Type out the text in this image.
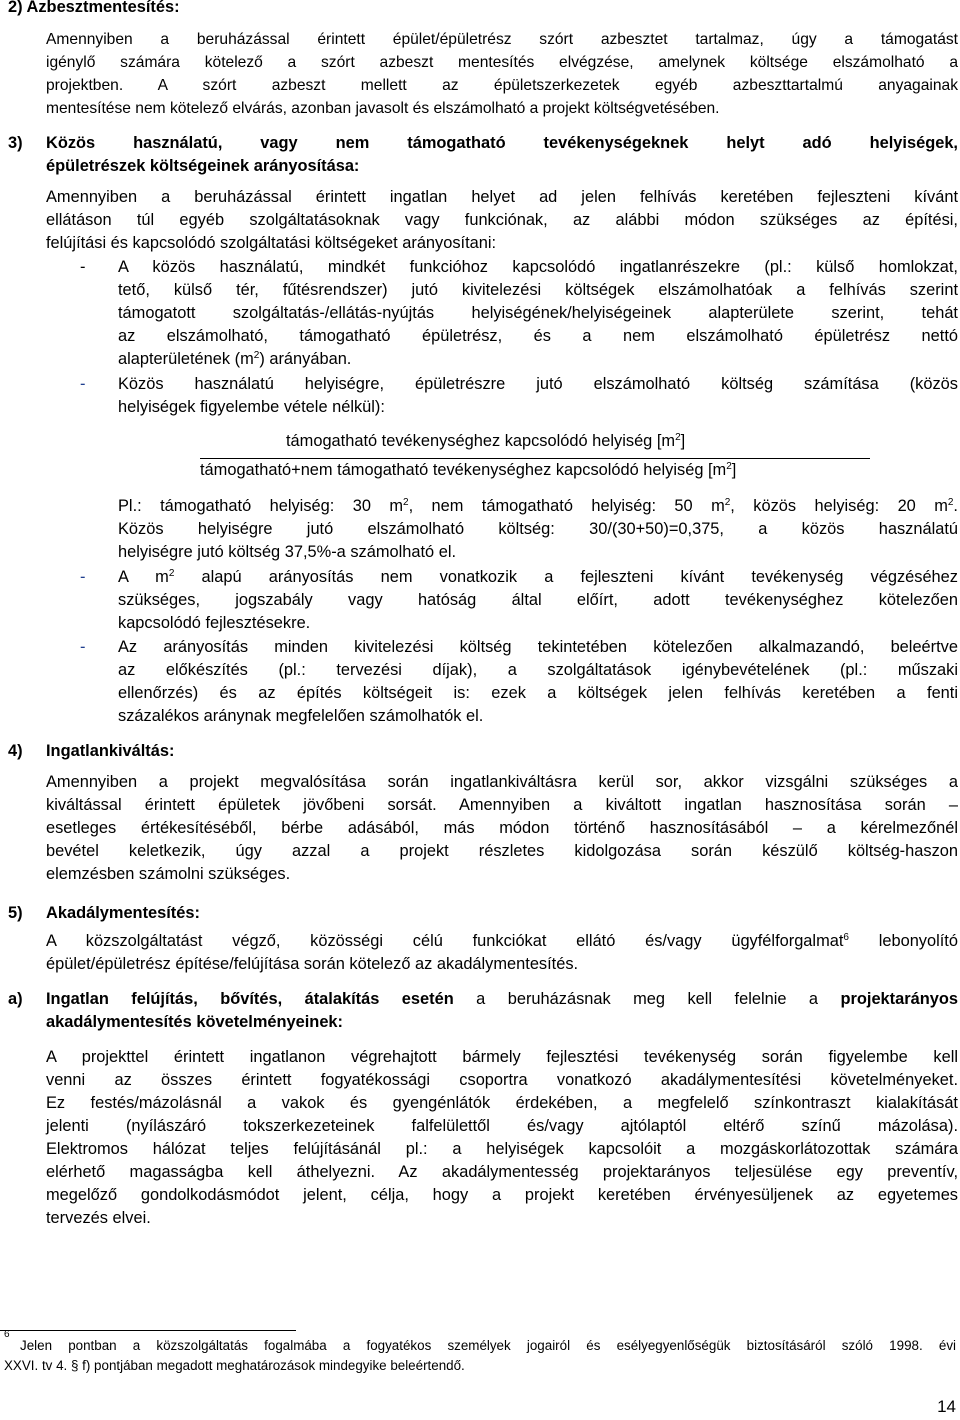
2) Azbesztmentesítés:
Amennyiben a beruházással érintett épület/épületrész szórt azbesztet tartalmaz, úgy a támogatást
igénylő számára kötelező a szórt azbeszt mentesítés elvégzése, amelynek költsége elszámolható a
projektben. A szórt azbeszt mellett az épületszerkezetek egyéb azbeszttartalmú anyagainak
mentesítése nem kötelező elvárás, azonban javasolt és elszámolható a projekt költségvetésében.
3) Közös használatú, vagy nem támogatható tevékenységeknek helyt adó helyiségek,
épületrészek költségeinek arányosítása:
Amennyiben a beruházással érintett ingatlan helyet ad jelen felhívás keretében fejleszteni kívánt
ellátáson túl egyéb szolgáltatásoknak vagy funkciónak, az alábbi módon szükséges az építési,
felújítási és kapcsolódó szolgáltatási költségeket arányosítani:
- A közös használatú, mindkét funkcióhoz kapcsolódó ingatlanrészekre (pl.: külső homlokzat,
tető, külső tér, fűtésrendszer) jutó kivitelezési költségek elszámolhatóak a felhívás szerint
támogatott szolgáltatás-/ellátás-nyújtás helyiségének/helyiségeinek alapterülete szerint, tehát
az elszámolható, támogatható épületrész, és a nem elszámolható épületrész nettó
alapterületének $(m^2)$ arányában.
- Közös használatú helyiségre, épületrészre jutó elszámolható költség számítása (közös
helyiségek figyelembe vétele nélkül):
támogatható tevékenységhez kapcsolódó helyiség $[m^2]$
támogatható+nem támogatható tevékenységhez kapcsolódó helyiség $[m^2]$
Pl.: támogatható helyiség: 30 $m^2$, nem támogatható helyiség: 50 $m^2$, közös helyiség: 20 $m^2$.
Közös helyiségre jutó elszámolható költség: 30/(30+50)=0,375, a közös használatú
helyiségre jutó költség 37,5%-a számolható el.
- A $m^2$ alapú arányosítás nem vonatkozik a fejleszteni kívánt tevékenység végzéséhez
szükséges, jogszabály vagy hatóság által előírt, adott tevékenységhez kötelezően
kapcsolódó fejlesztésekre.
- Az arányosítás minden kivitelezési költség tekintetében kötelezően alkalmazandó, beleértve
az előkészítés (pl.: tervezési díjak), a szolgáltatások igénybevételének (pl.: műszaki
ellenőrzés) és az építés költségeit is: ezek a költségek jelen felhívás keretében a fenti
százalékos aránynak megfelelően számolhatók el.
4) Ingatlankiváltás:
Amennyiben a projekt megvalósítása során ingatlankiváltásra kerül sor, akkor vizsgálni szükséges a
kiváltással érintett épületek jövőbeni sorsát. Amennyiben a kiváltott ingatlan hasznosítása során –
esetleges értékesítéséből, bérbe adásából, más módon történő hasznosításából – a kérelmezőnél
bevétel keletkezik, úgy azzal a projekt részletes kidolgozása során készülő költség-haszon
elemzésben számolni szükséges.
5) Akadálymentesítés:
A közszolgáltatást végző, közösségi célú funkciókat ellátó és/vagy ügyfélforgalmat$^6$ lebonyolító
épület/épületrész építése/felújítása során kötelező az akadálymentesítés.
a) Ingatlan felújítás, bővítés, átalakítás esetén a beruházásnak meg kell felelnie a projektarányos
akadálymentesítés követelményeinek:
A projekttel érintett ingatlanon végrehajtott bármely fejlesztési tevékenység során figyelembe kell
venni az összes érintett fogyatékossági csoportra vonatkozó akadálymentesítési követelményeket.
Ez festés/mázolásnál a vakok és gyengénlátók érdekében, a megfelelő színkontraszt kialakítását
jelenti (nyílászáró tokszerkezeteinek falfelülettől és/vagy ajtólaptól eltérő színű mázolása).
Elektromos hálózat teljes felújításánál pl.: a helyiségek kapcsolóit a mozgáskorlátozottak számára
elérhető magasságba kell áthelyezni. Az akadálymentesség projektarányos teljesülése egy preventív,
megelőző gondolkodásmódot jelent, célja, hogy a projekt keretében érvényesüljenek az egyetemes
tervezés elvei.
6
Jelen pontban a közszolgáltatás fogalmába a fogyatékos személyek jogairól és esélyegyenlőségük biztosításáról szóló 1998. évi
XXVI. tv 4. § f) pontjában megadott meghatározások mindegyike beleértendő.
14
